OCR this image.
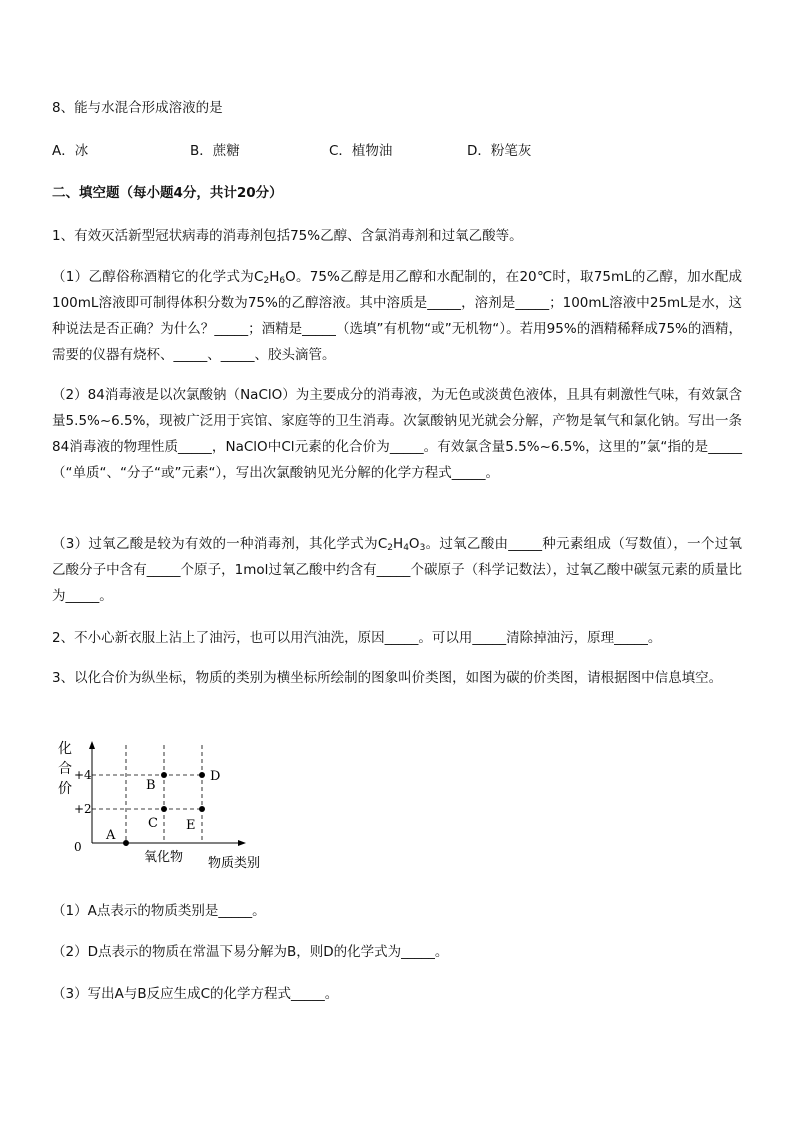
8、能与水混合形成溶液的是
A．冰	B．蔗糖	C．植物油	D．粉笔灰
二、填空题（每小题4分，共计20分）
1、有效灭活新型冠状病毒的消毒剂包括75%乙醇、含氯消毒剂和过氧乙酸等。
（1）乙醇俗称酒精它的化学式为$C_2H_6O$。75%乙醇是用乙醇和水配制的，在20℃时，取75mL的乙醇，加水配成100mL溶液即可制得体积分数为75%的乙醇溶液。其中溶质是_____，溶剂是_____；100mL溶液中25mL是水，这种说法是否正确？为什么？_____；酒精是_____（选填”有机物“或”无机物“）。若用95%的酒精稀释成75%的酒精，需要的仪器有烧杯、_____、_____、胶头滴管。
（2）84消毒液是以次氯酸钠（NaClO）为主要成分的消毒液，为无色或淡黄色液体，且具有刺激性气味，有效氯含量5.5%~6.5%，现被广泛用于宾馆、家庭等的卫生消毒。次氯酸钠见光就会分解，产物是氧气和氯化钠。写出一条84消毒液的物理性质_____，NaClO中Cl元素的化合价为_____。有效氯含量5.5%~6.5%，这里的”氯“指的是_____（“单质“、“分子“或”元素“），写出次氯酸钠见光分解的化学方程式_____。
（3）过氧乙酸是较为有效的一种消毒剂，其化学式为$C_2H_4O_3$。过氧乙酸由_____种元素组成（写数值），一个过氧乙酸分子中含有_____个原子，1mol过氧乙酸中约含有_____个碳原子（科学记数法），过氧乙酸中碳氢元素的质量比为_____。
2、不小心新衣服上沾上了油污，也可以用汽油洗，原因_____。可以用_____清除掉油污，原理_____。
3、以化合价为纵坐标，物质的类别为横坐标所绘制的图象叫价类图，如图为碳的价类图，请根据图中信息填空。
化
合
价
+4
+2
0
A
B
C
D
E
氧化物 物质类别
（1）A点表示的物质类别是_____。
（2）D点表示的物质在常温下易分解为B，则D的化学式为_____。
（3）写出A与B反应生成C的化学方程式_____。
